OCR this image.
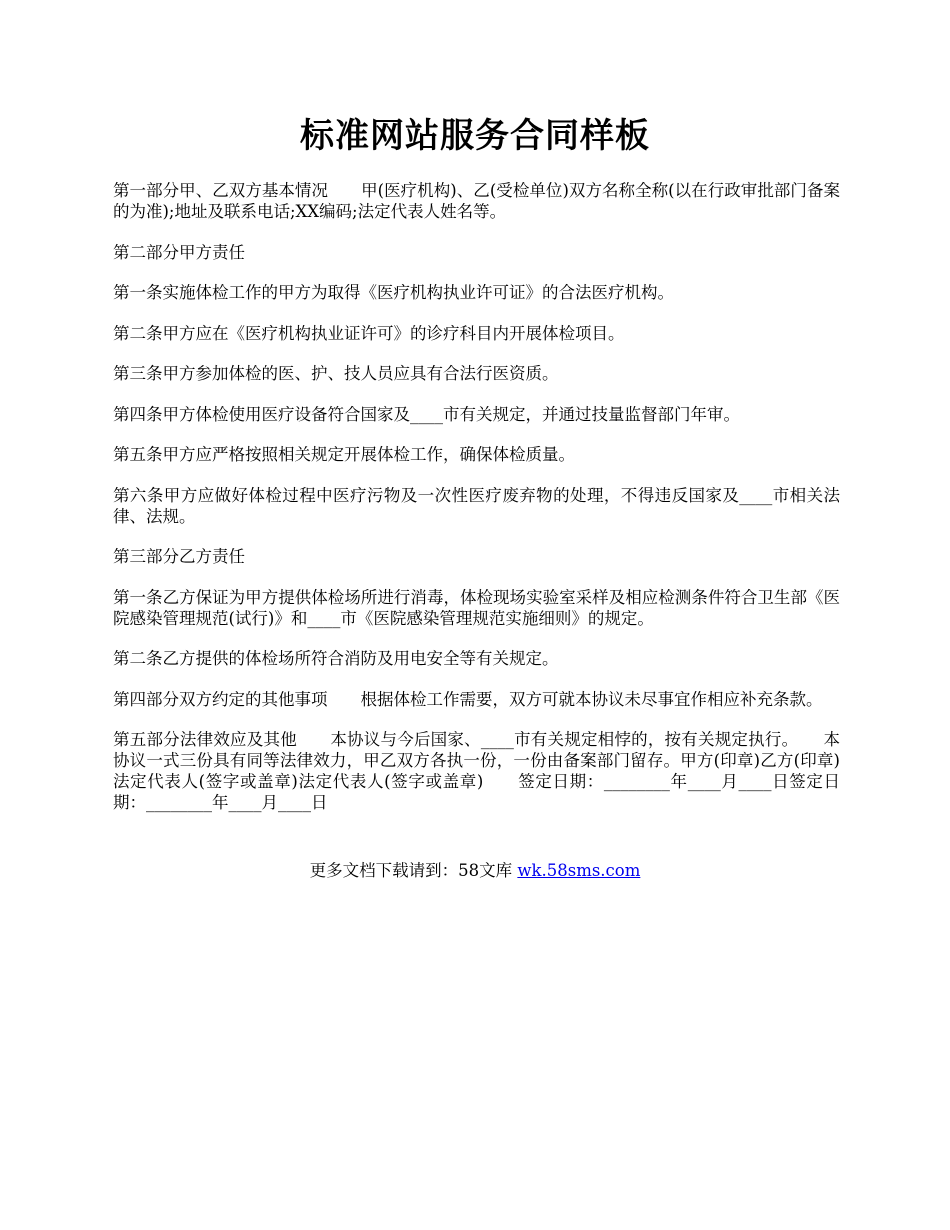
标准网站服务合同样板

第一部分甲、乙双方基本情况　　甲(医疗机构)、乙(受检单位)双方名称全称(以在行政审批部门备案的为准);地址及联系电话;XX编码;法定代表人姓名等。

第二部分甲方责任

第一条实施体检工作的甲方为取得《医疗机构执业许可证》的合法医疗机构。

第二条甲方应在《医疗机构执业证许可》的诊疗科目内开展体检项目。

第三条甲方参加体检的医、护、技人员应具有合法行医资质。

第四条甲方体检使用医疗设备符合国家及____市有关规定，并通过技量监督部门年审。

第五条甲方应严格按照相关规定开展体检工作，确保体检质量。

第六条甲方应做好体检过程中医疗污物及一次性医疗废弃物的处理，不得违反国家及____市相关法律、法规。

第三部分乙方责任

第一条乙方保证为甲方提供体检场所进行消毒，体检现场实验室采样及相应检测条件符合卫生部《医院感染管理规范(试行)》和____市《医院感染管理规范实施细则》的规定。

第二条乙方提供的体检场所符合消防及用电安全等有关规定。

第四部分双方约定的其他事项　　根据体检工作需要，双方可就本协议未尽事宜作相应补充条款。

第五部分法律效应及其他　　本协议与今后国家、____市有关规定相悖的，按有关规定执行。　　本协议一式三份具有同等法律效力，甲乙双方各执一份，一份由备案部门留存。甲方(印章)乙方(印章)　　法定代表人(签字或盖章)法定代表人(签字或盖章)　　签定日期：________年____月____日签定日期：________年____月____日

更多文档下载请到：58文库 wk.58sms.com
